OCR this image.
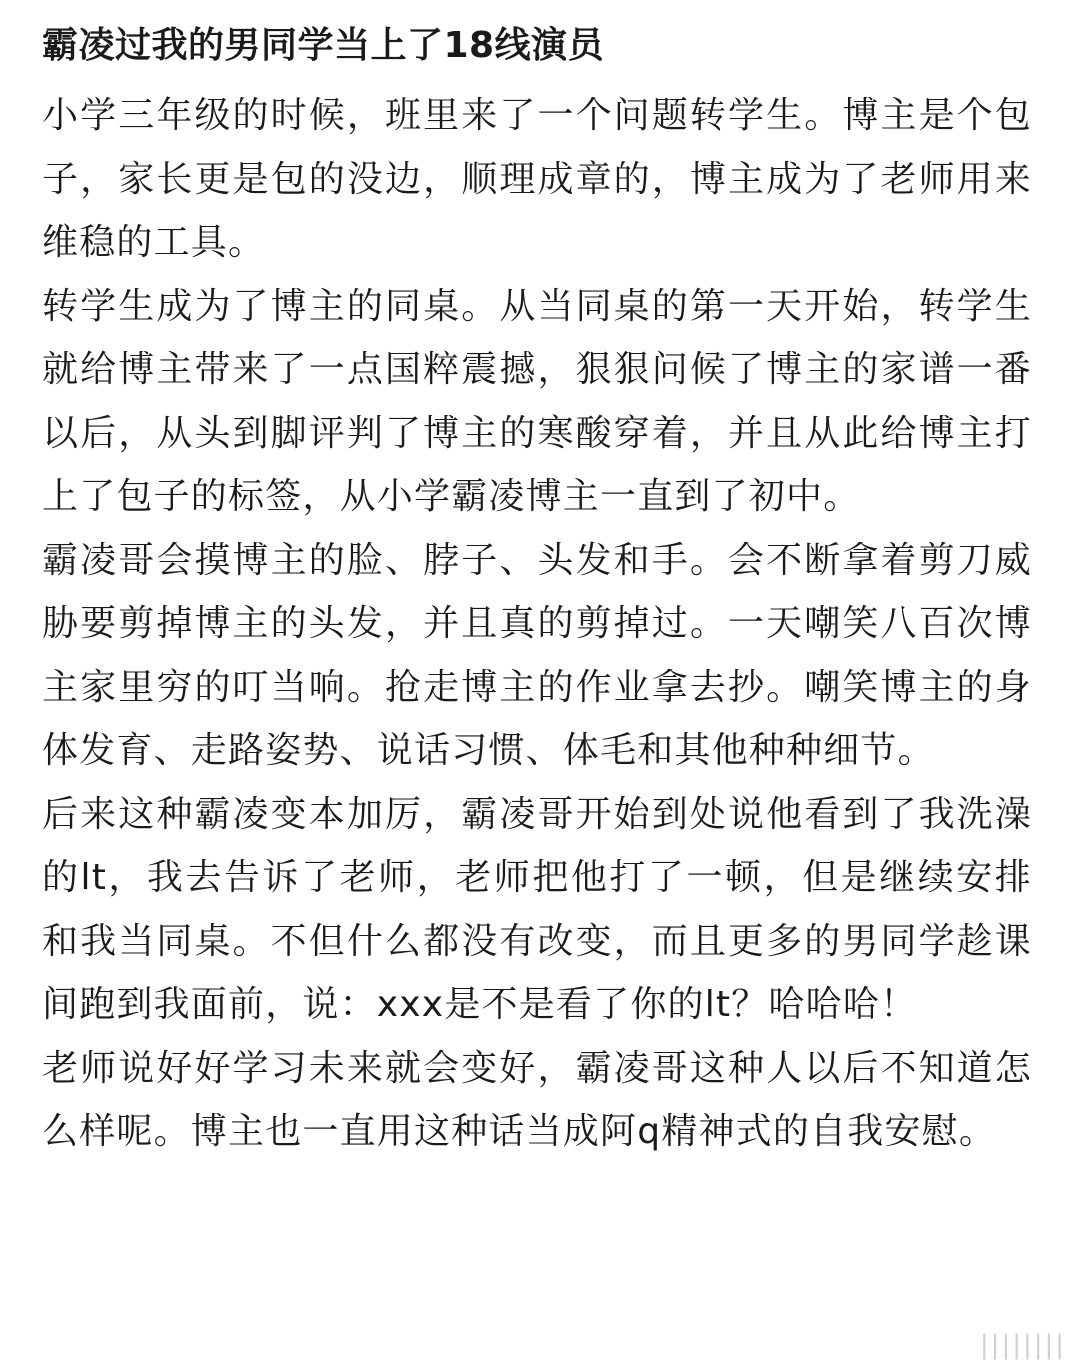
霸凌过我的男同学当上了18线演员

小学三年级的时候，班里来了一个问题转学生。博主是个包子，家长更是包的没边，顺理成章的，博主成为了老师用来维稳的工具。

转学生成为了博主的同桌。从当同桌的第一天开始，转学生就给博主带来了一点国粹震撼，狠狠问候了博主的家谱一番以后，从头到脚评判了博主的寒酸穿着，并且从此给博主打上了包子的标签，从小学霸凌博主一直到了初中。

霸凌哥会摸博主的脸、脖子、头发和手。会不断拿着剪刀威胁要剪掉博主的头发，并且真的剪掉过。一天嘲笑八百次博主家里穷的叮当响。抢走博主的作业拿去抄。嘲笑博主的身体发育、走路姿势、说话习惯、体毛和其他种种细节。

后来这种霸凌变本加厉，霸凌哥开始到处说他看到了我洗澡的lt，我去告诉了老师，老师把他打了一顿，但是继续安排和我当同桌。不但什么都没有改变，而且更多的男同学趁课间跑到我面前，说：xxx是不是看了你的lt？哈哈哈！

老师说好好学习未来就会变好，霸凌哥这种人以后不知道怎么样呢。博主也一直用这种话当成阿q精神式的自我安慰。

||||||||
